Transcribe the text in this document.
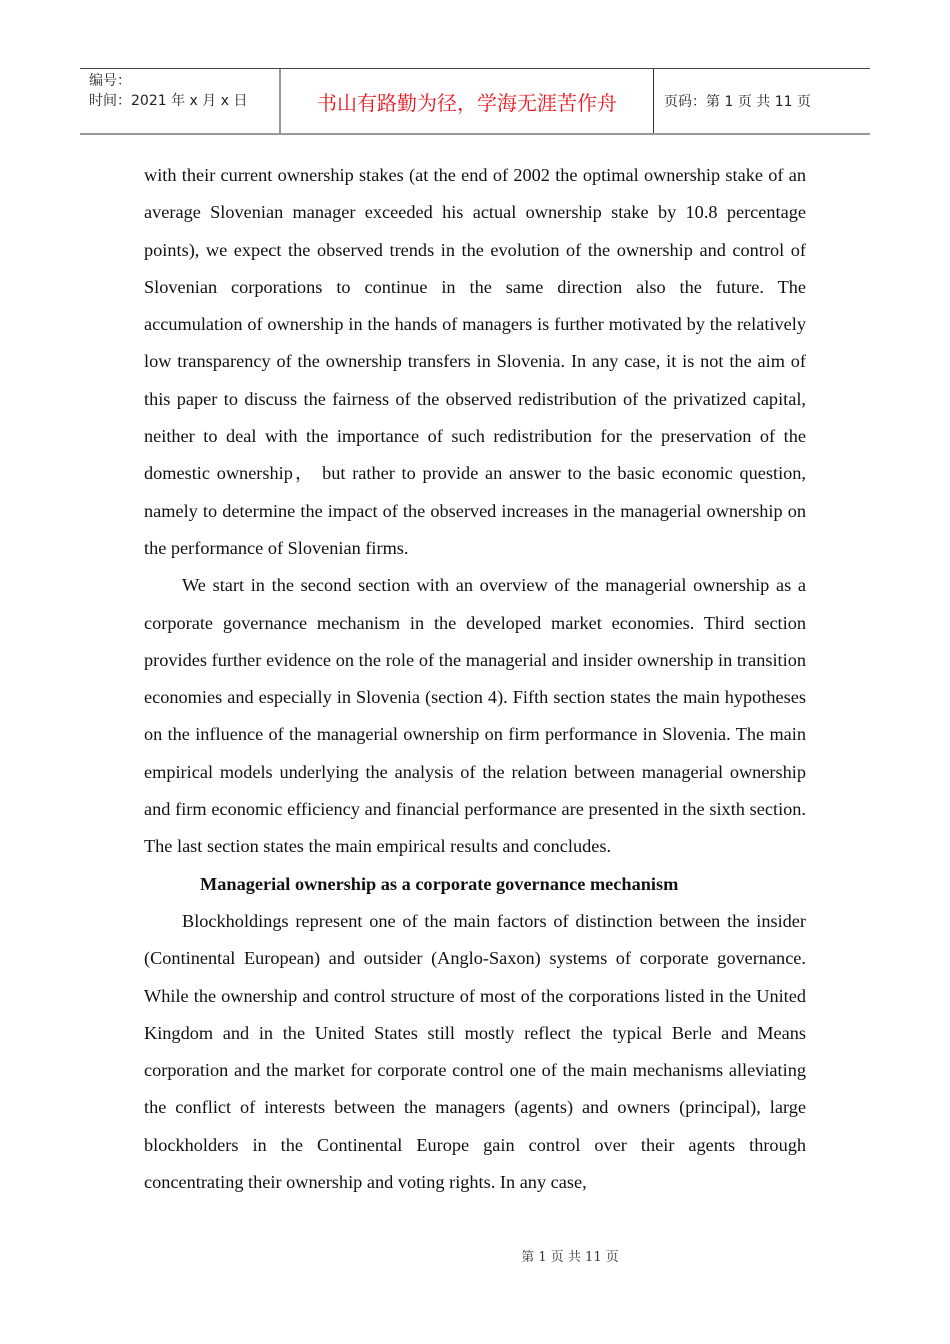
编号：
时间：2021 年 x 月 x 日	书山有路勤为径，学海无涯苦作舟	页码：第 1 页 共 11 页

with their current ownership stakes (at the end of 2002 the optimal ownership stake of an average Slovenian manager exceeded his actual ownership stake by 10.8 percentage points), we expect the observed trends in the evolution of the ownership and control of Slovenian corporations to continue in the same direction also the future. The accumulation of ownership in the hands of managers is further motivated by the relatively low transparency of the ownership transfers in Slovenia. In any case, it is not the aim of this paper to discuss the fairness of the observed redistribution of the privatized capital, neither to deal with the importance of such redistribution for the preservation of the domestic ownership， but rather to provide an answer to the basic economic question, namely to determine the impact of the observed increases in the managerial ownership on the performance of Slovenian firms.

We start in the second section with an overview of the managerial ownership as a corporate governance mechanism in the developed market economies. Third section provides further evidence on the role of the managerial and insider ownership in transition economies and especially in Slovenia (section 4). Fifth section states the main hypotheses on the influence of the managerial ownership on firm performance in Slovenia. The main empirical models underlying the analysis of the relation between managerial ownership and firm economic efficiency and financial performance are presented in the sixth section. The last section states the main empirical results and concludes.

Managerial ownership as a corporate governance mechanism

Blockholdings represent one of the main factors of distinction between the insider (Continental European) and outsider (Anglo-Saxon) systems of corporate governance. While the ownership and control structure of most of the corporations listed in the United Kingdom and in the United States still mostly reflect the typical Berle and Means corporation and the market for corporate control one of the main mechanisms alleviating the conflict of interests between the managers (agents) and owners (principal), large blockholders in the Continental Europe gain control over their agents through concentrating their ownership and voting rights. In any case,

第 1 页 共 11 页
